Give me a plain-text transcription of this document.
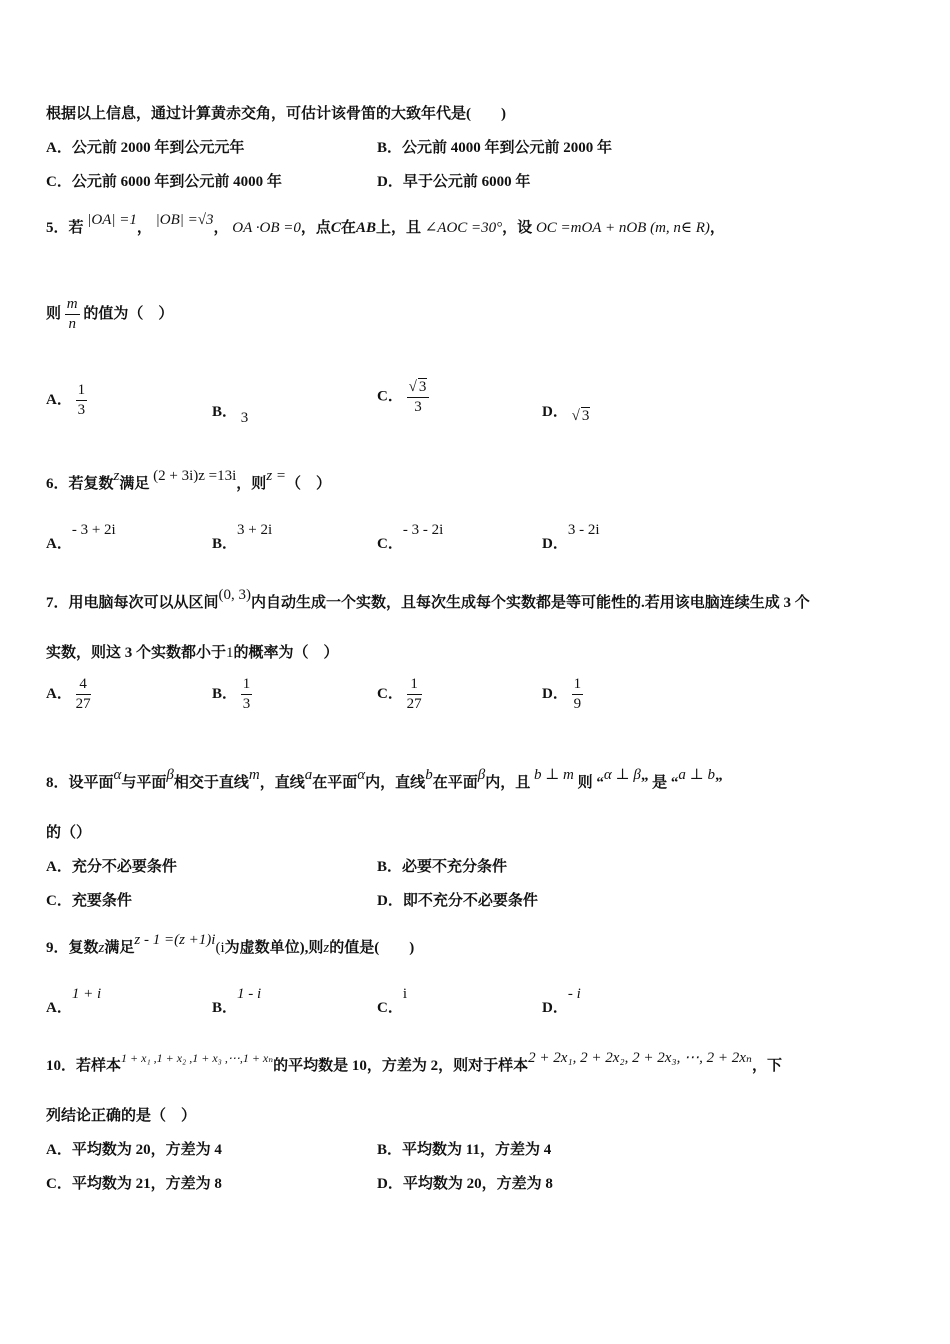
根据以上信息，通过计算黄赤交角，可估计该骨笛的大致年代是(　　)
A．公元前 2000 年到公元元年	B．公元前 4000 年到公元前 2000 年
C．公元前 6000 年到公元前 4000 年	D．早于公元前 6000 年
5．若 |OA| =1， |OB| =√3， OA ·OB =0，点C在AB上，且 ∠AOC =30°，设 OC =mOA + nOB (m, n∈ R)，
则 $\frac{m}{n}$ 的值为（　）
A． $\frac{1}{3}$	B． 3
C． $\frac{√ 3}{3}$	D． √ 3
6．若复数z满足 (2 + 3i)z =13i，则z =（　）
A．- 3 + 2i
B．3 + 2i
C．- 3 - 2i
D．3 - 2i
7．用电脑每次可以从区间(0, 3)内自动生成一个实数，且每次生成每个实数都是等可能性的.若用该电脑连续生成 3 个
实数，则这 3 个实数都小于1的概率为（　）
A． $\frac{4}{27}$	B． $\frac{1}{3}$	C． $\frac{1}{27}$	D． $\frac{1}{9}$
8．设平面α与平面β相交于直线m，直线a在平面α内，直线b在平面β内，且 b ⊥ m 则 “α ⊥ β” 是 “a ⊥ b”
的（）
A．充分不必要条件	B．必要不充分条件
C．充要条件	D．即不充分不必要条件
9．复数z满足z - 1 =(z +1)i(i为虚数单位),则z的值是(　　)
A．1 + i
B．1 - i
C．i
D．- i
10．若样本$^{1 + x_1 ,1 + x_2 ,1 + x_3 ,\cdots,1 + x_n}$的平均数是 10，方差为 2，则对于样本2 + 2x₁, 2 + 2x₂, 2 + 2x₃, ⋯, 2 + 2xₙ，下
列结论正确的是（　）
A．平均数为 20，方差为 4	B．平均数为 11，方差为 4
C．平均数为 21，方差为 8	D．平均数为 20，方差为 8
